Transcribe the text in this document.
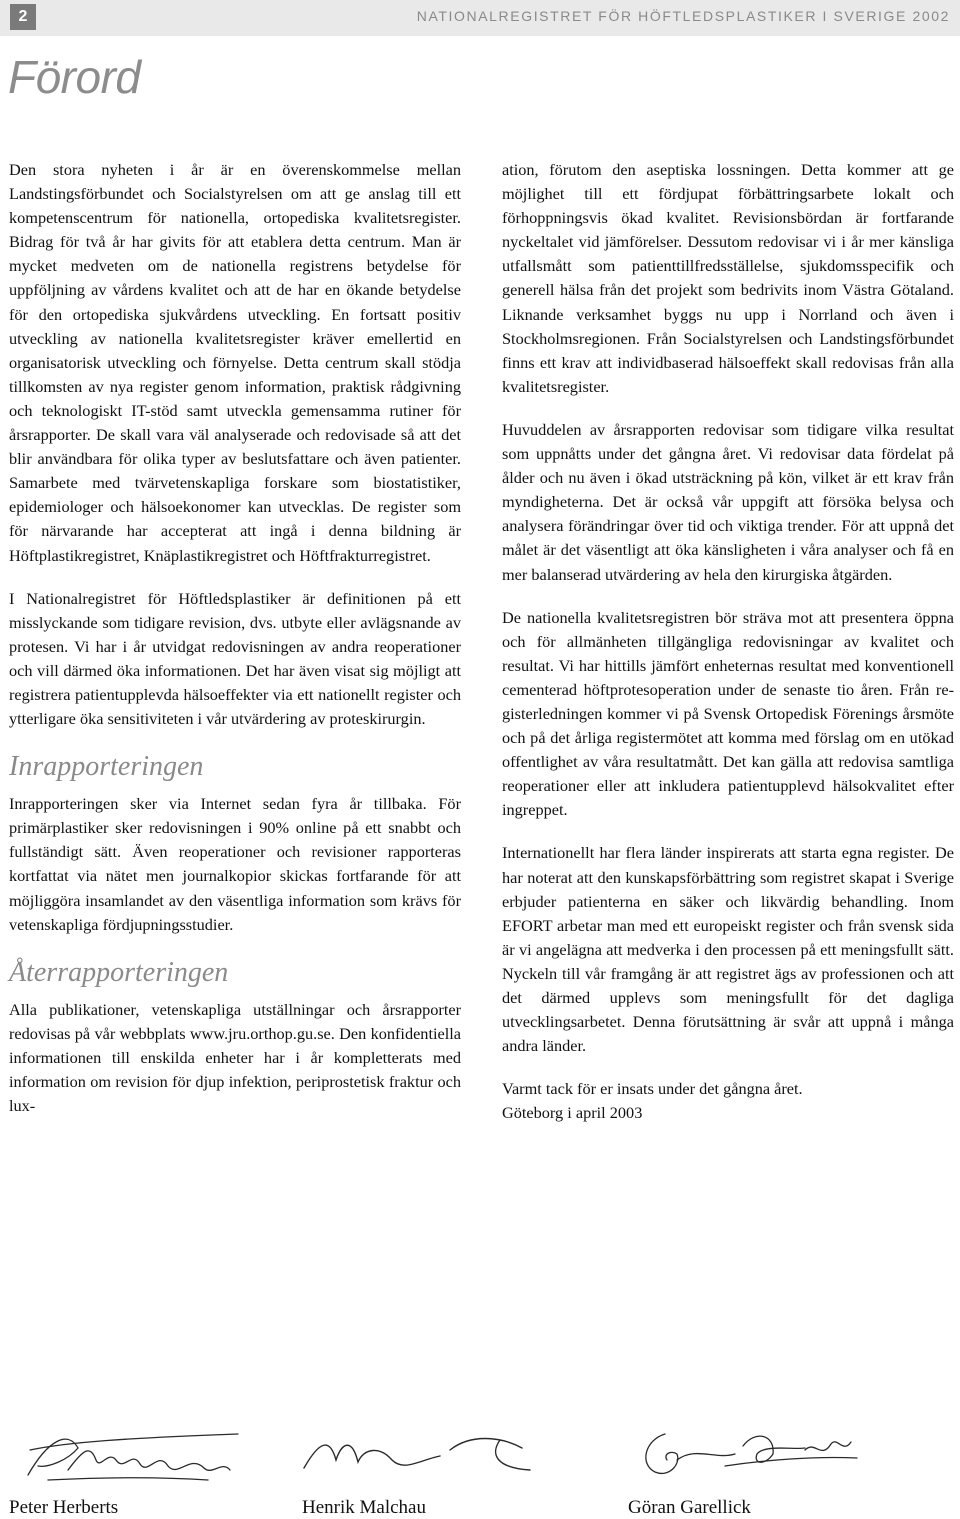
2	NATIONALREGISTRET FÖR HÖFTLEDSPLASTIKER I SVERIGE 2002
Förord

Den stora nyheten i år är en överenskommelse mellan Landstingsförbundet och Socialstyrelsen om att ge anslag till ett kompetenscentrum för nationella, ortopediska kvalitetsregister. Bidrag för två år har givits för att etablera detta centrum. Man är mycket medveten om de nationella registrens betydelse för uppföljning av vårdens kvalitet och att de har en ökande betydelse för den ortopediska sjukvårdens utveckling. En fortsatt positiv utveckling av nationella kvalitetsregister kräver emellertid en organisatorisk utveckling och förnyelse. Detta centrum skall stödja tillkomsten av nya register genom information, praktisk rådgivning och teknologiskt IT-stöd samt utveckla gemensamma rutiner för årsrapporter. De skall vara väl analyserade och redovisade så att det blir användbara för olika typer av beslutsfattare och även patienter. Samarbete med tvärvetenskapliga forskare som biostatistiker, epidemiologer och hälsoekonomer kan utvecklas. De register som för närvarande har accepterat att ingå i denna bildning är Höftplastikregistret, Knäplastikregistret och Höftfrakturregistret.

I Nationalregistret för Höftledsplastiker är definitionen på ett misslyckande som tidigare revision, dvs. utbyte eller avlägsnande av protesen. Vi har i år utvidgat redovisningen av andra reoperationer och vill därmed öka informationen. Det har även visat sig möjligt att registrera patientupplevda hälsoeffekter via ett nationellt register och ytterligare öka sensitiviteten i vår utvärdering av proteskirurgin.

Inrapporteringen

Inrapporteringen sker via Internet sedan fyra år tillbaka. För primärplastiker sker redovisningen i 90% online på ett snabbt och fullständigt sätt. Även reoperationer och revisioner rapporteras kortfattat via nätet men journalkopior skickas fortfarande för att möjliggöra insamlandet av den väsentliga information som krävs för vetenskapliga fördjupningsstudier.

Återrapporteringen

Alla publikationer, vetenskapliga utställningar och årsrapporter redovisas på vår webbplats www.jru.orthop.gu.se. Den konfidentiella informationen till enskilda enheter har i år kompletterats med information om revision för djup infektion, periprostetisk fraktur och lux-

ation, förutom den aseptiska lossningen. Detta kommer att ge möjlighet till ett fördjupat förbättringsarbete lokalt och förhoppningsvis ökad kvalitet. Revisionsbördan är fortfarande nyckeltalet vid jämförelser. Dessutom redovisar vi i år mer känsliga utfallsmått som patienttillfredsställelse, sjukdomsspecifik och generell hälsa från det projekt som bedrivits inom Västra Götaland. Liknande verksamhet byggs nu upp i Norrland och även i Stockholmsregionen. Från Socialstyrelsen och Landstingsförbundet finns ett krav att individbaserad hälsoeffekt skall redovisas från alla kvalitetsregister.

Huvuddelen av årsrapporten redovisar som tidigare vilka resultat som uppnåtts under det gångna året. Vi redovisar data fördelat på ålder och nu även i ökad utsträckning på kön, vilket är ett krav från myndigheterna. Det är också vår uppgift att försöka belysa och analysera förändringar över tid och viktiga trender. För att uppnå det målet är det väsentligt att öka känsligheten i våra analyser och få en mer balanserad utvärdering av hela den kirurgiska åtgärden.

De nationella kvalitetsregistren bör sträva mot att presentera öppna och för allmänheten tillgängliga redovisningar av kvalitet och resultat. Vi har hittills jämfört enheternas resultat med konventionell cementerad höftprotesoperation under de senaste tio åren. Från registerledningen kommer vi på Svensk Ortopedisk Förenings årsmöte och på det årliga registermötet att komma med förslag om en utökad offentlighet av våra resultatmått. Det kan gälla att redovisa samtliga reoperationer eller att inkludera patientupplevd hälsokvalitet efter ingreppet.

Internationellt har flera länder inspirerats att starta egna register. De har noterat att den kunskapsförbättring som registret skapat i Sverige erbjuder patienterna en säker och likvärdig behandling. Inom EFORT arbetar man med ett europeiskt register och från svensk sida är vi angelägna att medverka i den processen på ett meningsfullt sätt. Nyckeln till vår framgång är att registret ägs av professionen och att det därmed upplevs som meningsfullt för det dagliga utvecklingsarbetet. Denna förutsättning är svår att uppnå i många andra länder.

Varmt tack för er insats under det gångna året.
Göteborg i april 2003
Peter Herberts	Henrik Malchau	Göran Garellick
